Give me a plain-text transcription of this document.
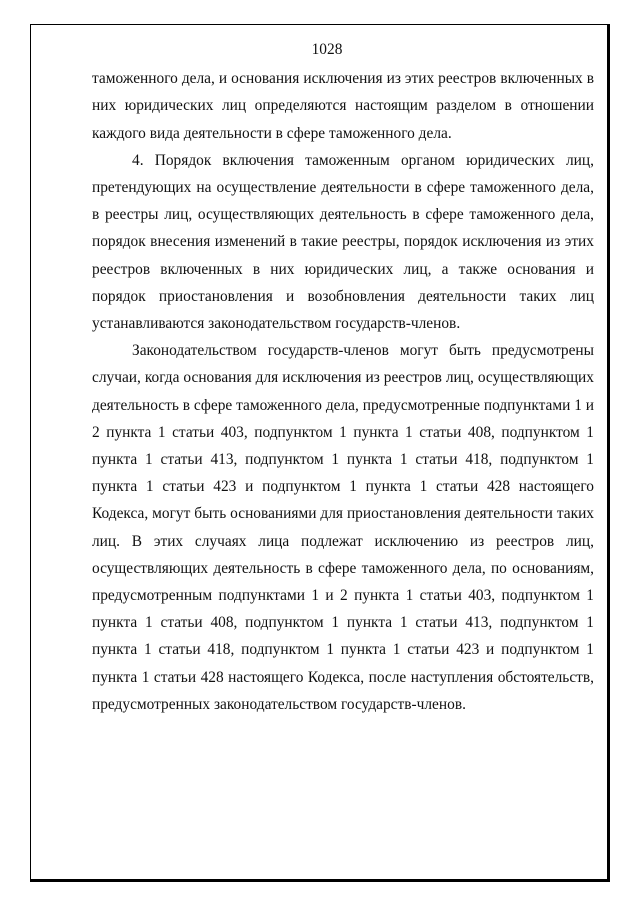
1028

таможенного дела, и основания исключения из этих реестров включенных в них юридических лиц определяются настоящим разделом в отношении каждого вида деятельности в сфере таможенного дела.

4. Порядок включения таможенным органом юридических лиц, претендующих на осуществление деятельности в сфере таможенного дела, в реестры лиц, осуществляющих деятельность в сфере таможенного дела, порядок внесения изменений в такие реестры, порядок исключения из этих реестров включенных в них юридических лиц, а также основания и порядок приостановления и возобновления деятельности таких лиц устанавливаются законодательством государств-членов.

Законодательством государств-членов могут быть предусмотрены случаи, когда основания для исключения из реестров лиц, осуществляющих деятельность в сфере таможенного дела, предусмотренные подпунктами 1 и 2 пункта 1 статьи 403, подпунктом 1 пункта 1 статьи 408, подпунктом 1 пункта 1 статьи 413, подпунктом 1 пункта 1 статьи 418, подпунктом 1 пункта 1 статьи 423 и подпунктом 1 пункта 1 статьи 428 настоящего Кодекса, могут быть основаниями для приостановления деятельности таких лиц. В этих случаях лица подлежат исключению из реестров лиц, осуществляющих деятельность в сфере таможенного дела, по основаниям, предусмотренным подпунктами 1 и 2 пункта 1 статьи 403, подпунктом 1 пункта 1 статьи 408, подпунктом 1 пункта 1 статьи 413, подпунктом 1 пункта 1 статьи 418, подпунктом 1 пункта 1 статьи 423 и подпунктом 1 пункта 1 статьи 428 настоящего Кодекса, после наступления обстоятельств, предусмотренных законодательством государств-членов.
